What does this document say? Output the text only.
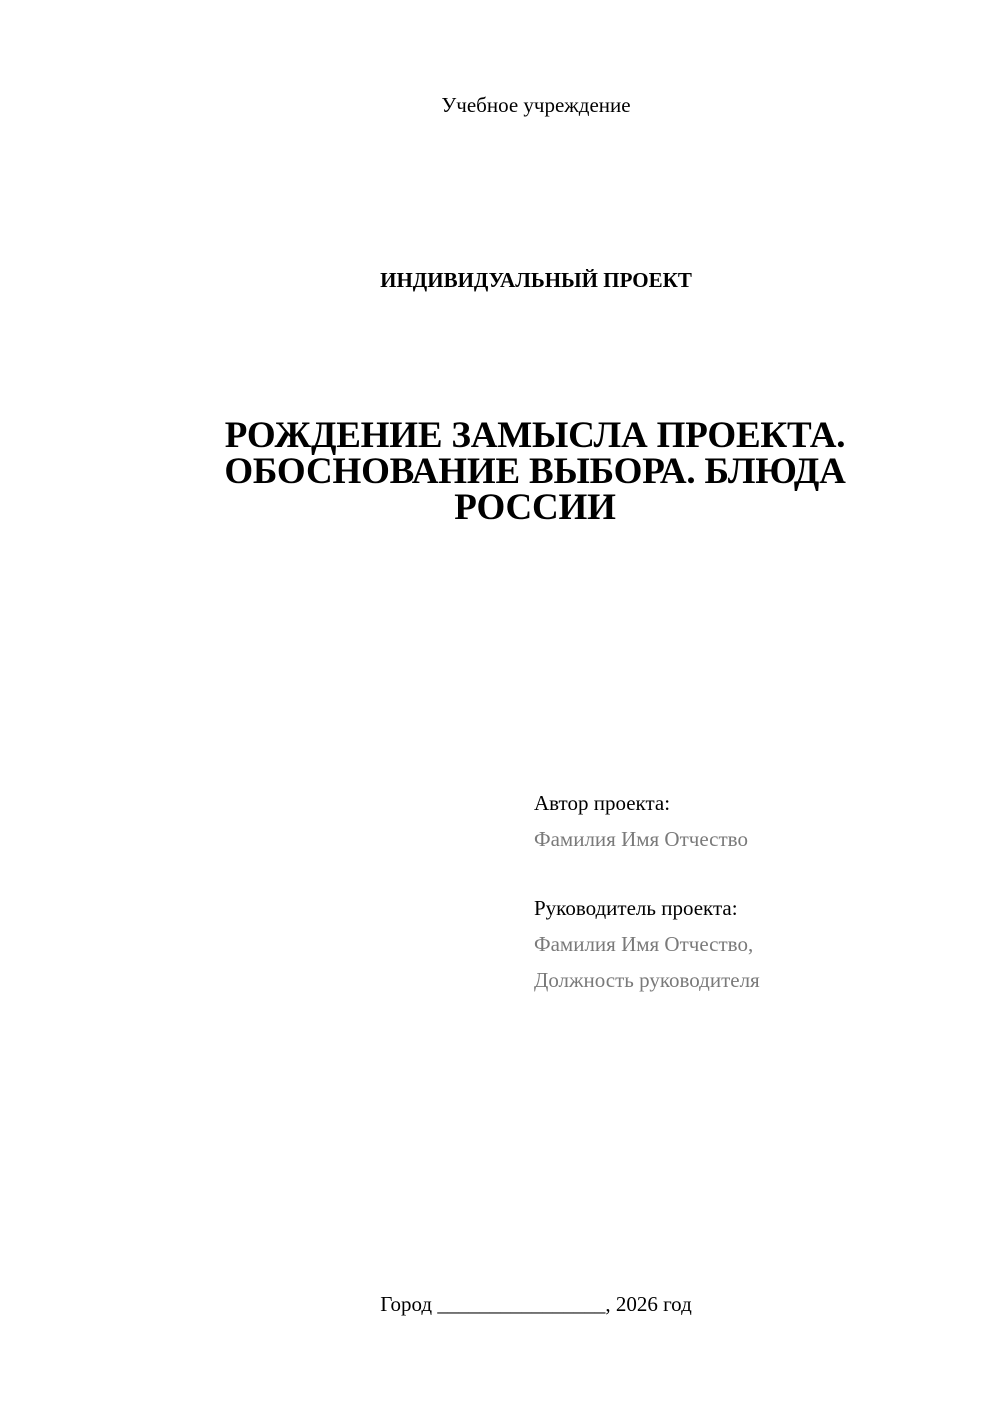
Учебное учреждение
ИНДИВИДУАЛЬНЫЙ ПРОЕКТ
РОЖДЕНИЕ ЗАМЫСЛА ПРОЕКТА.
ОБОСНОВАНИЕ ВЫБОРА. БЛЮДА
РОССИИ
Автор проекта:
Фамилия Имя Отчество
Руководитель проекта:
Фамилия Имя Отчество,
Должность руководителя
Город ________________, 2026 год
